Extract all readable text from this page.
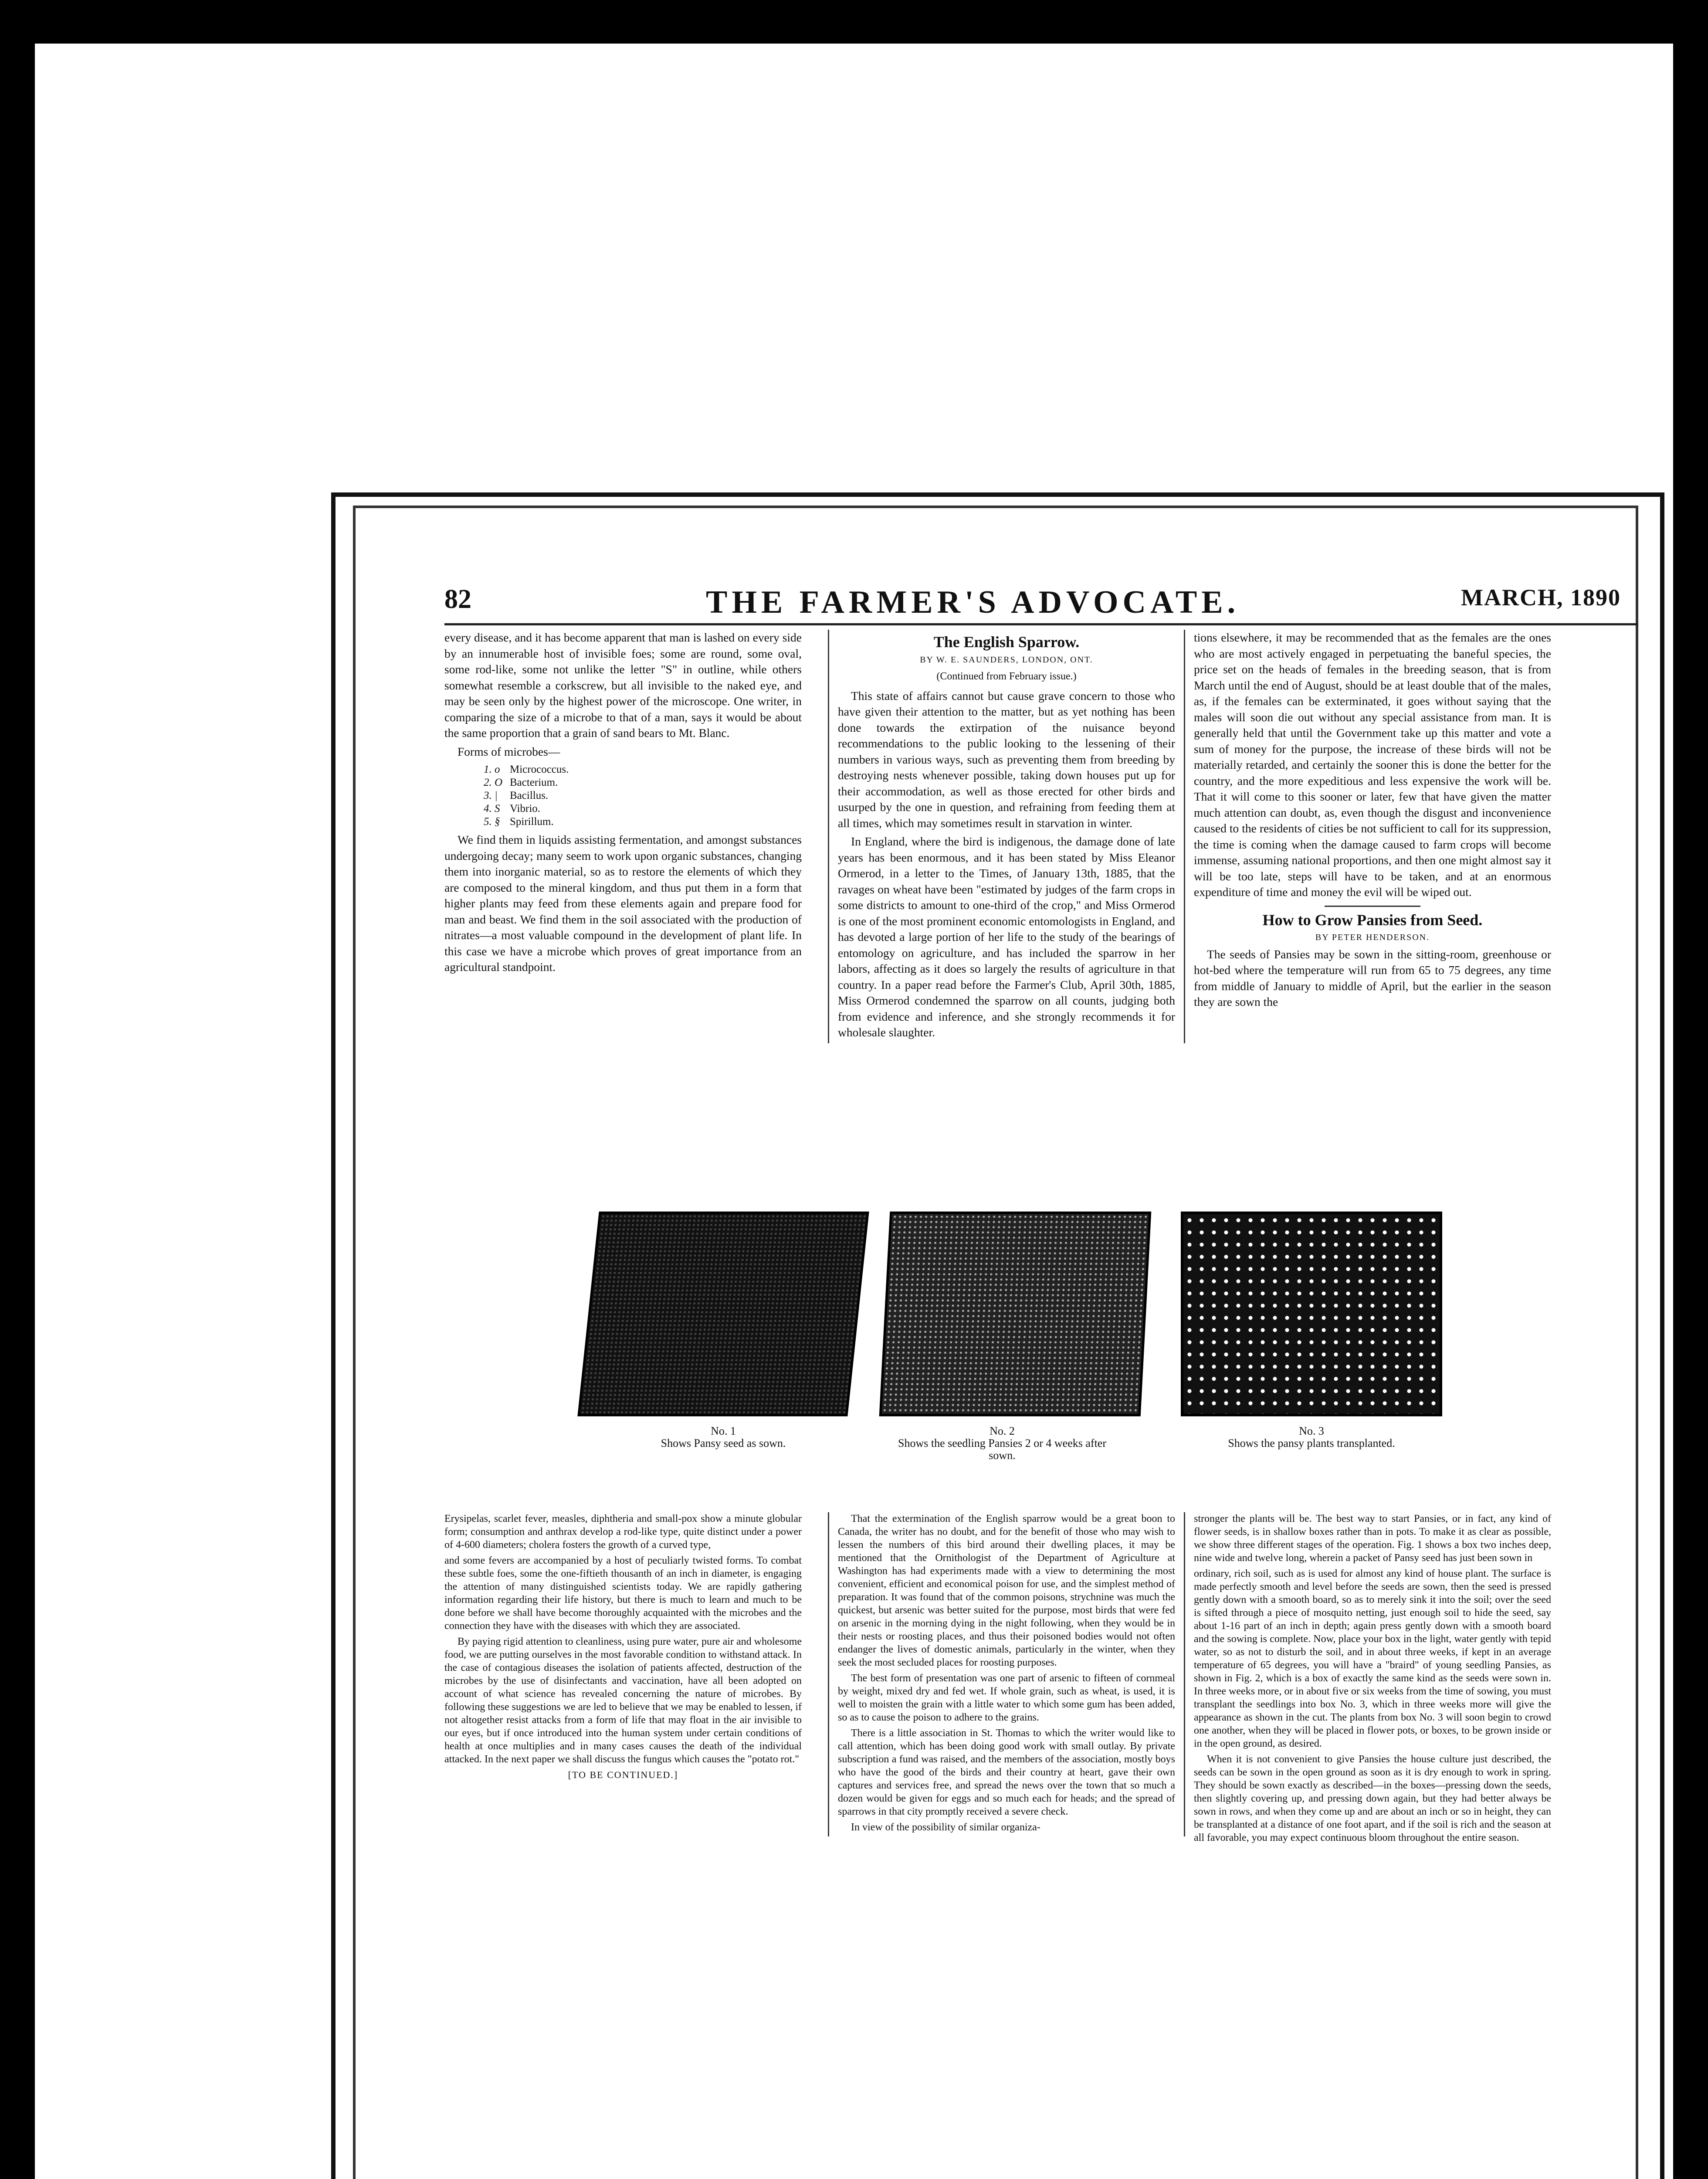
82	THE FARMER'S ADVOCATE.	MARCH, 1890

every disease, and it has become apparent that man is lashed on every side by an innumerable host of invisible foes; some are round, some oval, some rod-like, some not unlike the letter "S" in outline, while others somewhat resemble a corkscrew, but all invisible to the naked eye, and may be seen only by the highest power of the microscope. One writer, in comparing the size of a microbe to that of a man, says it would be about the same proportion that a grain of sand bears to Mt. Blanc.

Forms of microbes—

1. o Micrococcus.
2. O Bacterium.
3. |	Bacillus.
4. S Vibrio.
5. § Spirillum.

We find them in liquids assisting fermentation, and amongst substances undergoing decay; many seem to work upon organic substances, changing them into inorganic material, so as to restore the elements of which they are composed to the mineral kingdom, and thus put them in a form that higher plants may feed from these elements again and prepare food for man and beast. We find them in the soil associated with the production of nitrates—a most valuable compound in the development of plant life. In this case we have a microbe which proves of great importance from an agricultural standpoint.

The English Sparrow.
BY W. E. SAUNDERS, LONDON, ONT.
(Continued from February issue.)

This state of affairs cannot but cause grave concern to those who have given their attention to the matter, but as yet nothing has been done towards the extirpation of the nuisance beyond recommendations to the public looking to the lessening of their numbers in various ways, such as preventing them from breeding by destroying nests whenever possible, taking down houses put up for their accommodation, as well as those erected for other birds and usurped by the one in question, and refraining from feeding them at all times, which may sometimes result in starvation in winter.

In England, where the bird is indigenous, the damage done of late years has been enormous, and it has been stated by Miss Eleanor Ormerod, in a letter to the Times, of January 13th, 1885, that the ravages on wheat have been "estimated by judges of the farm crops in some districts to amount to one-third of the crop," and Miss Ormerod is one of the most prominent economic entomologists in England, and has devoted a large portion of her life to the study of the bearings of entomology on agriculture, and has included the sparrow in her labors, affecting as it does so largely the results of agriculture in that country. In a paper read before the Farmer's Club, April 30th, 1885, Miss Ormerod condemned the sparrow on all counts, judging both from evidence and inference, and she strongly recommends it for wholesale slaughter.

tions elsewhere, it may be recommended that as the females are the ones who are most actively engaged in perpetuating the baneful species, the price set on the heads of females in the breeding season, that is from March until the end of August, should be at least double that of the males, as, if the females can be exterminated, it goes without saying that the males will soon die out without any special assistance from man. It is generally held that until the Government take up this matter and vote a sum of money for the purpose, the increase of these birds will not be materially retarded, and certainly the sooner this is done the better for the country, and the more expeditious and less expensive the work will be. That it will come to this sooner or later, few that have given the matter much attention can doubt, as, even though the disgust and inconvenience caused to the residents of cities be not sufficient to call for its suppression, the time is coming when the damage caused to farm crops will become immense, assuming national proportions, and then one might almost say it will be too late, steps will have to be taken, and at an enormous expenditure of time and money the evil will be wiped out.

How to Grow Pansies from Seed.
BY PETER HENDERSON.

The seeds of Pansies may be sown in the sitting-room, greenhouse or hot-bed where the temperature will run from 65 to 75 degrees, any time from middle of January to middle of April, but the earlier in the season they are sown the

No. 1
Shows Pansy seed as sown.
No. 2
Shows the seedling Pansies 2 or 4 weeks after sown.
No. 3
Shows the pansy plants transplanted.

Erysipelas, scarlet fever, measles, diphtheria and small-pox show a minute globular form; consumption and anthrax develop a rod-like type, quite distinct under a power of 4-600 diameters; cholera fosters the growth of a curved type,

and some fevers are accompanied by a host of peculiarly twisted forms. To combat these subtle foes, some the one-fiftieth thousanth of an inch in diameter, is engaging the attention of many distinguished scientists today. We are rapidly gathering information regarding their life history, but there is much to learn and much to be done before we shall have become thoroughly acquainted with the microbes and the connection they have with the diseases with which they are associated.

By paying rigid attention to cleanliness, using pure water, pure air and wholesome food, we are putting ourselves in the most favorable condition to withstand attack. In the case of contagious diseases the isolation of patients affected, destruction of the microbes by the use of disinfectants and vaccination, have all been adopted on account of what science has revealed concerning the nature of microbes. By following these suggestions we are led to believe that we may be enabled to lessen, if not altogether resist attacks from a form of life that may float in the air invisible to our eyes, but if once introduced into the human system under certain conditions of health at once multiplies and in many cases causes the death of the individual attacked. In the next paper we shall discuss the fungus which causes the "potato rot."

[TO BE CONTINUED.]

That the extermination of the English sparrow would be a great boon to Canada, the writer has no doubt, and for the benefit of those who may wish to lessen the numbers of this bird around their dwelling places, it may be mentioned that the Ornithologist of the Department of Agriculture at Washington has had experiments made with a view to determining the most convenient, efficient and economical poison for use, and the simplest method of preparation. It was found that of the common poisons, strychnine was much the quickest, but arsenic was better suited for the purpose, most birds that were fed on arsenic in the morning dying in the night following, when they would be in their nests or roosting places, and thus their poisoned bodies would not often endanger the lives of domestic animals, particularly in the winter, when they seek the most secluded places for roosting purposes.

The best form of presentation was one part of arsenic to fifteen of cornmeal by weight, mixed dry and fed wet. If whole grain, such as wheat, is used, it is well to moisten the grain with a little water to which some gum has been added, so as to cause the poison to adhere to the grains.

There is a little association in St. Thomas to which the writer would like to call attention, which has been doing good work with small outlay. By private subscription a fund was raised, and the members of the association, mostly boys who have the good of the birds and their country at heart, gave their own captures and services free, and spread the news over the town that so much a dozen would be given for eggs and so much each for heads; and the spread of sparrows in that city promptly received a severe check.

In view of the possibility of similar organiza-

stronger the plants will be. The best way to start Pansies, or in fact, any kind of flower seeds, is in shallow boxes rather than in pots. To make it as clear as possible, we show three different stages of the operation. Fig. 1 shows a box two inches deep, nine wide and twelve long, wherein a packet of Pansy seed has just been sown in

ordinary, rich soil, such as is used for almost any kind of house plant. The surface is made perfectly smooth and level before the seeds are sown, then the seed is pressed gently down with a smooth board, so as to merely sink it into the soil; over the seed is sifted through a piece of mosquito netting, just enough soil to hide the seed, say about 1-16 part of an inch in depth; again press gently down with a smooth board and the sowing is complete. Now, place your box in the light, water gently with tepid water, so as not to disturb the soil, and in about three weeks, if kept in an average temperature of 65 degrees, you will have a "braird" of young seedling Pansies, as shown in Fig. 2, which is a box of exactly the same kind as the seeds were sown in. In three weeks more, or in about five or six weeks from the time of sowing, you must transplant the seedlings into box No. 3, which in three weeks more will give the appearance as shown in the cut. The plants from box No. 3 will soon begin to crowd one another, when they will be placed in flower pots, or boxes, to be grown inside or in the open ground, as desired.

When it is not convenient to give Pansies the house culture just described, the seeds can be sown in the open ground as soon as it is dry enough to work in spring. They should be sown exactly as described—in the boxes—pressing down the seeds, then slightly covering up, and pressing down again, but they had better always be sown in rows, and when they come up and are about an inch or so in height, they can be transplanted at a distance of one foot apart, and if the soil is rich and the season at all favorable, you may expect continuous bloom throughout the entire season.
